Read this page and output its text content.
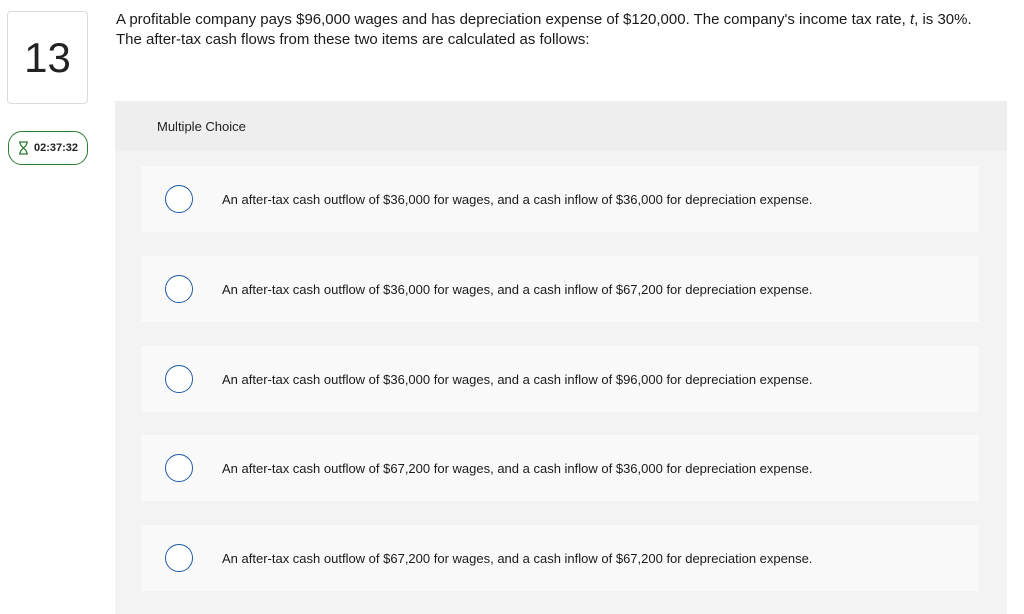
13
02:37:32
A profitable company pays $96,000 wages and has depreciation expense of $120,000. The company's income tax rate, t, is 30%.
The after-tax cash flows from these two items are calculated as follows:
Multiple Choice
An after-tax cash outflow of $36,000 for wages, and a cash inflow of $36,000 for depreciation expense.
An after-tax cash outflow of $36,000 for wages, and a cash inflow of $67,200 for depreciation expense.
An after-tax cash outflow of $36,000 for wages, and a cash inflow of $96,000 for depreciation expense.
An after-tax cash outflow of $67,200 for wages, and a cash inflow of $36,000 for depreciation expense.
An after-tax cash outflow of $67,200 for wages, and a cash inflow of $67,200 for depreciation expense.
